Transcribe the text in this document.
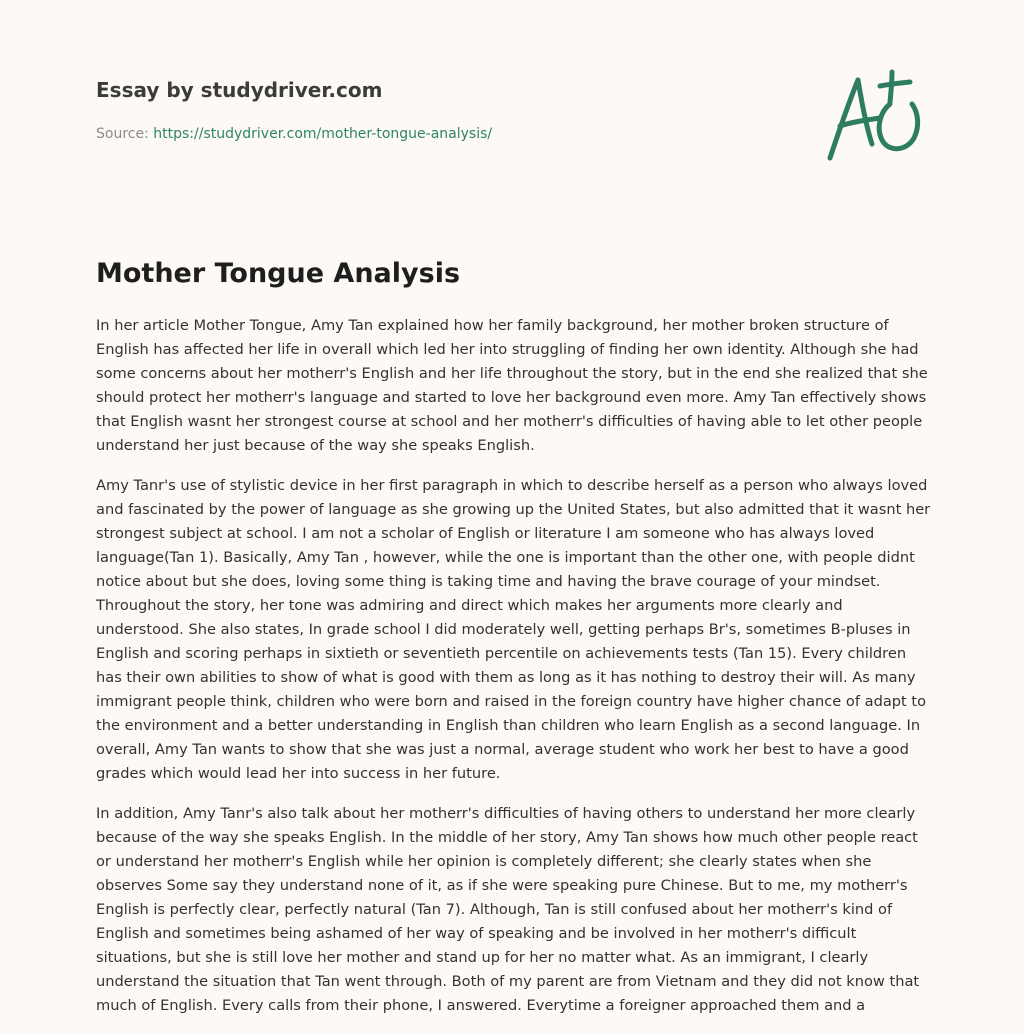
Essay by studydriver.com
Source: https://studydriver.com/mother-tongue-analysis/
Mother Tongue Analysis

In her article Mother Tongue, Amy Tan explained how her family background, her mother broken structure of English has affected her life in overall which led her into struggling of finding her own identity. Although she had some concerns about her motherr's English and her life throughout the story, but in the end she realized that she should protect her motherr's language and started to love her background even more. Amy Tan effectively shows that English wasnt her strongest course at school and her motherr's difficulties of having able to let other people understand her just because of the way she speaks English.

Amy Tanr's use of stylistic device in her first paragraph in which to describe herself as a person who always loved and fascinated by the power of language as she growing up the United States, but also admitted that it wasnt her strongest subject at school. I am not a scholar of English or literature I am someone who has always loved language(Tan 1). Basically, Amy Tan , however, while the one is important than the other one, with people didnt notice about but she does, loving some thing is taking time and having the brave courage of your mindset. Throughout the story, her tone was admiring and direct which makes her arguments more clearly and understood. She also states, In grade school I did moderately well, getting perhaps Br's, sometimes B-pluses in English and scoring perhaps in sixtieth or seventieth percentile on achievements tests (Tan 15). Every children has their own abilities to show of what is good with them as long as it has nothing to destroy their will. As many immigrant people think, children who were born and raised in the foreign country have higher chance of adapt to the environment and a better understanding in English than children who learn English as a second language. In overall, Amy Tan wants to show that she was just a normal, average student who work her best to have a good grades which would lead her into success in her future.

In addition, Amy Tanr's also talk about her motherr's difficulties of having others to understand her more clearly because of the way she speaks English. In the middle of her story, Amy Tan shows how much other people react or understand her motherr's English while her opinion is completely different; she clearly states when she observes Some say they understand none of it, as if she were speaking pure Chinese. But to me, my motherr's English is perfectly clear, perfectly natural (Tan 7). Although, Tan is still confused about her motherr's kind of English and sometimes being ashamed of her way of speaking and be involved in her motherr's difficult situations, but she is still love her mother and stand up for her no matter what. As an immigrant, I clearly understand the situation that Tan went through. Both of my parent are from Vietnam and they did not know that much of English. Every calls from their phone, I answered. Everytime a foreigner approached them and a
